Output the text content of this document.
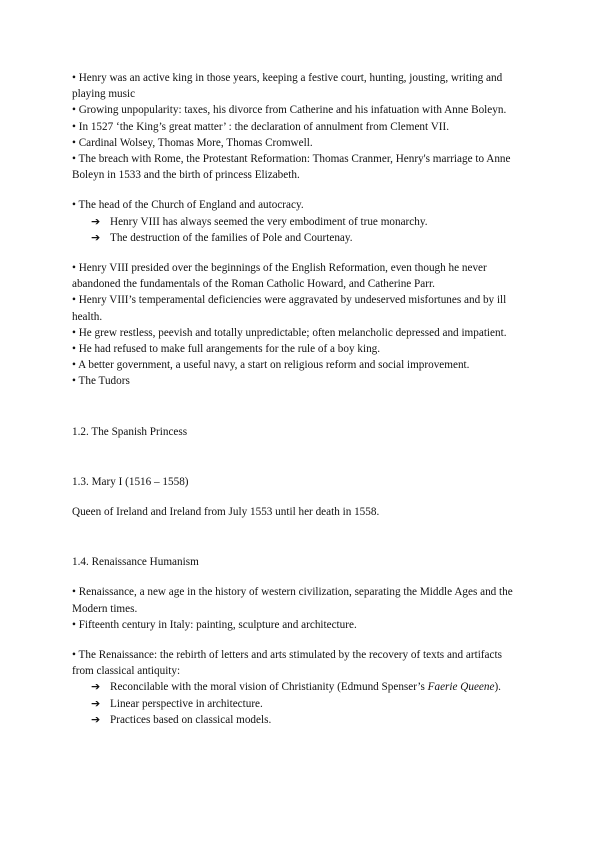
• Henry was an active king in those years, keeping a festive court, hunting, jousting, writing and playing music

• Growing unpopularity: taxes, his divorce from Catherine and his infatuation with Anne Boleyn.

• In 1527 ‘the King’s great matter’ : the declaration of annulment from Clement VII.

• Cardinal Wolsey, Thomas More, Thomas Cromwell.

• The breach with Rome, the Protestant Reformation: Thomas Cranmer, Henry's marriage to Anne Boleyn in 1533 and the birth of princess Elizabeth.

• The head of the Church of England and autocracy.

➔ Henry VIII has always seemed the very embodiment of true monarchy.
➔ The destruction of the families of Pole and Courtenay.

• Henry VIII presided over the beginnings of the English Reformation, even though he never abandoned the fundamentals of the Roman Catholic Howard, and Catherine Parr.

• Henry VIII’s temperamental deficiencies were aggravated by undeserved misfortunes and by ill health.

• He grew restless, peevish and totally unpredictable; often melancholic depressed and impatient.

• He had refused to make full arangements for the rule of a boy king.

• A better government, a useful navy, a start on religious reform and social improvement.

• The Tudors

1.2. The Spanish Princess

1.3. Mary I (1516 – 1558)

Queen of Ireland and Ireland from July 1553 until her death in 1558.

1.4. Renaissance Humanism

• Renaissance, a new age in the history of western civilization, separating the Middle Ages and the Modern times.

• Fifteenth century in Italy: painting, sculpture and architecture.

• The Renaissance: the rebirth of letters and arts stimulated by the recovery of texts and artifacts from classical antiquity:

➔ Reconcilable with the moral vision of Christianity (Edmund Spenser’s Faerie Queene).
➔ Linear perspective in architecture.
➔ Practices based on classical models.
